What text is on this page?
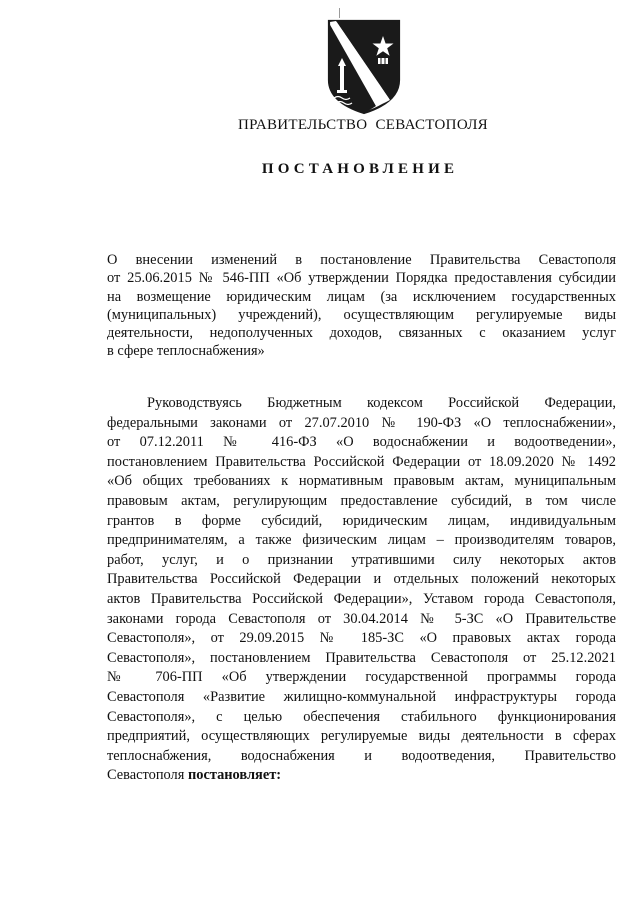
ПРАВИТЕЛЬСТВО  СЕВАСТОПОЛЯ
ПОСТАНОВЛЕНИЕ
О внесении изменений в постановление Правительства Севастополя
от 25.06.2015 № 546-ПП «Об утверждении Порядка предоставления субсидии
на возмещение юридическим лицам (за исключением государственных
(муниципальных) учреждений), осуществляющим регулируемые виды
деятельности, недополученных доходов, связанных с оказанием услуг
в сфере теплоснабжения»
Руководствуясь Бюджетным кодексом Российской Федерации,
федеральными законами от 27.07.2010 № 190-ФЗ «О теплоснабжении»,
от 07.12.2011 № 416-ФЗ «О водоснабжении и водоотведении»,
постановлением Правительства Российской Федерации от 18.09.2020 № 1492
«Об общих требованиях к нормативным правовым актам, муниципальным
правовым актам, регулирующим предоставление субсидий, в том числе
грантов в форме субсидий, юридическим лицам, индивидуальным
предпринимателям, а также физическим лицам – производителям товаров,
работ, услуг, и о признании утратившими силу некоторых актов
Правительства Российской Федерации и отдельных положений некоторых
актов Правительства Российской Федерации», Уставом города Севастополя,
законами города Севастополя от 30.04.2014 № 5-ЗС «О Правительстве
Севастополя», от 29.09.2015 № 185-ЗС «О правовых актах города
Севастополя», постановлением Правительства Севастополя от 25.12.2021
№ 706-ПП «Об утверждении государственной программы города
Севастополя «Развитие жилищно-коммунальной инфраструктуры города
Севастополя», с целью обеспечения стабильного функционирования
предприятий, осуществляющих регулируемые виды деятельности в сферах
теплоснабжения, водоснабжения и водоотведения, Правительство
Севастополя постановляет:
